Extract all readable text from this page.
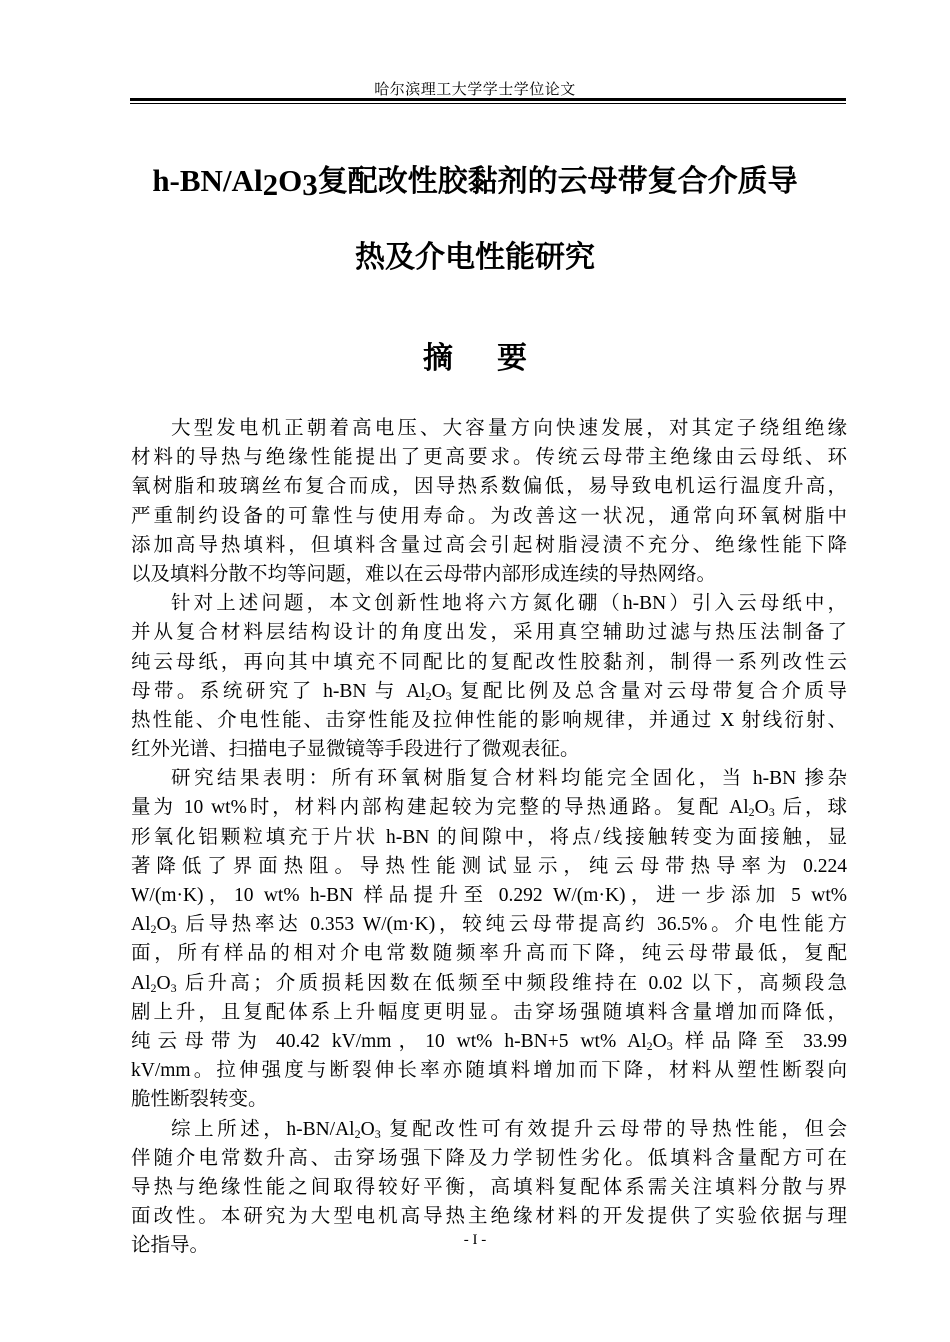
哈尔滨理工大学学士学位论文
$h-BN/Al_2O_3$复配改性胶黏剂的云母带复合介质导
热及介电性能研究
摘要
大型发电机正朝着高电压、大容量方向快速发展，对其定子绕组绝缘
材料的导热与绝缘性能提出了更高要求。传统云母带主绝缘由云母纸、环
氧树脂和玻璃丝布复合而成，因导热系数偏低，易导致电机运行温度升高，
严重制约设备的可靠性与使用寿命。为改善这一状况，通常向环氧树脂中
添加高导热填料，但填料含量过高会引起树脂浸渍不充分、绝缘性能下降
以及填料分散不均等问题，难以在云母带内部形成连续的导热网络。
针对上述问题，本文创新性地将六方氮化硼（h-BN）引入云母纸中，
并从复合材料层结构设计的角度出发，采用真空辅助过滤与热压法制备了
纯云母纸，再向其中填充不同配比的复配改性胶黏剂，制得一系列改性云
母带。系统研究了 h-BN 与 $Al_2O_3$ 复配比例及总含量对云母带复合介质导
热性能、介电性能、击穿性能及拉伸性能的影响规律，并通过 X 射线衍射、
红外光谱、扫描电子显微镜等手段进行了微观表征。
研究结果表明：所有环氧树脂复合材料均能完全固化，当 h-BN 掺杂
量为 10 wt%时，材料内部构建起较为完整的导热通路。复配 $Al_2O_3$ 后，球
形氧化铝颗粒填充于片状 h-BN 的间隙中，将点/线接触转变为面接触，显
著降低了界面热阻。导热性能测试显示，纯云母带热导率为 0.224
W/(m·K)，10 wt% h-BN 样品提升至 0.292 W/(m·K)，进一步添加 5 wt%
$Al_2O_3$ 后导热率达 0.353 W/(m·K)，较纯云母带提高约 36.5%。介电性能方
面，所有样品的相对介电常数随频率升高而下降，纯云母带最低，复配
$Al_2O_3$ 后升高；介质损耗因数在低频至中频段维持在 0.02 以下，高频段急
剧上升，且复配体系上升幅度更明显。击穿场强随填料含量增加而降低，
纯云母带为 40.42 kV/mm，10 wt% h-BN+5 wt% $Al_2O_3$ 样品降至 33.99
kV/mm。拉伸强度与断裂伸长率亦随填料增加而下降，材料从塑性断裂向
脆性断裂转变。
综上所述，$h-BN/Al_2O_3$ 复配改性可有效提升云母带的导热性能，但会
伴随介电常数升高、击穿场强下降及力学韧性劣化。低填料含量配方可在
导热与绝缘性能之间取得较好平衡，高填料复配体系需关注填料分散与界
面改性。本研究为大型电机高导热主绝缘材料的开发提供了实验依据与理
论指导。	- I -
